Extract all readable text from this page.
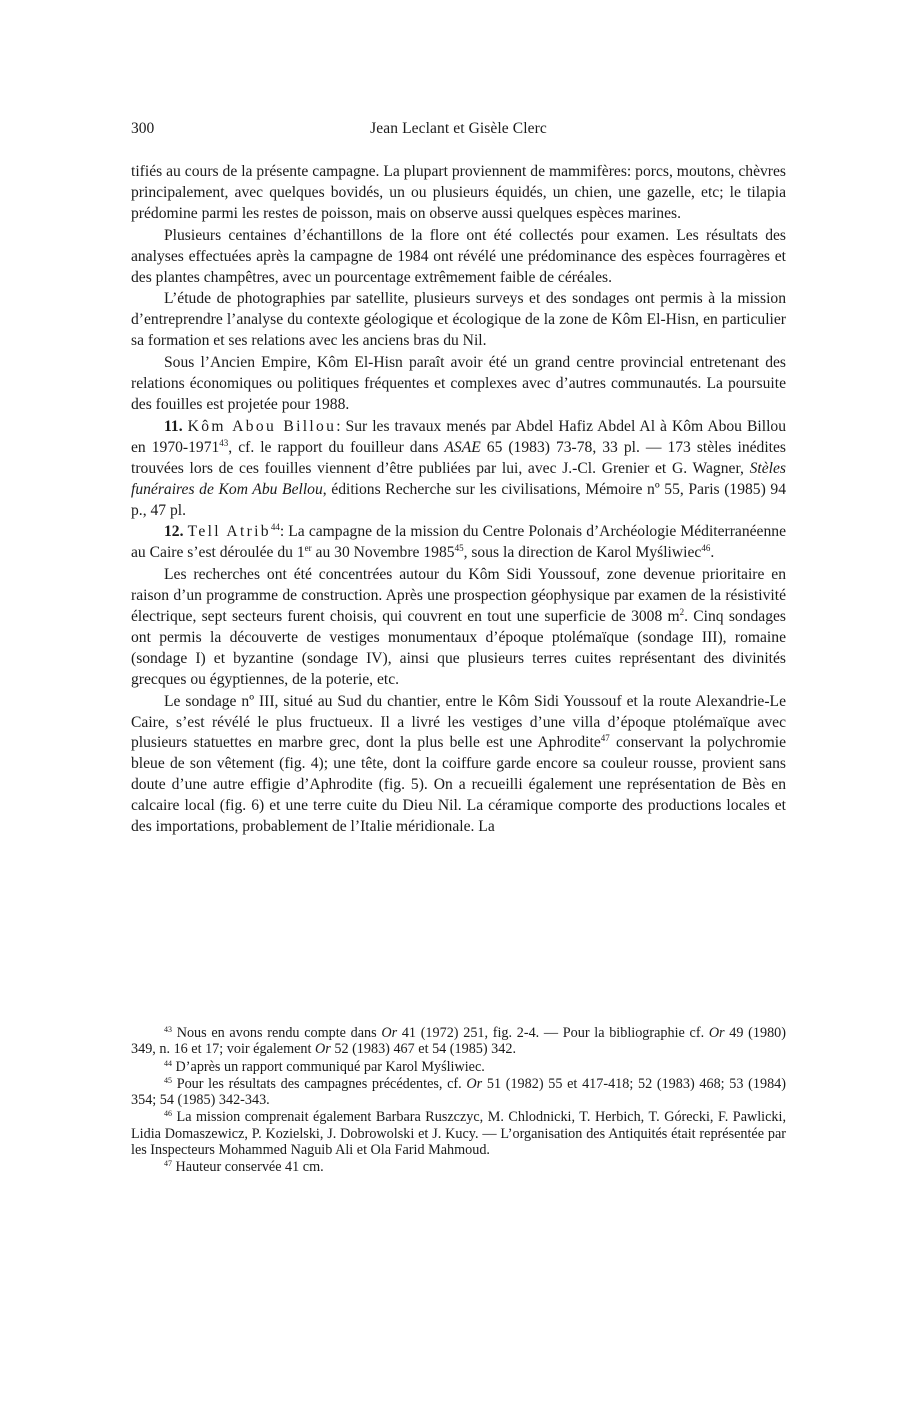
300	Jean Leclant et Gisèle Clerc

tifiés au cours de la présente campagne. La plupart proviennent de mammifères: porcs, moutons, chèvres principalement, avec quelques bovidés, un ou plusieurs équidés, un chien, une gazelle, etc; le tilapia prédomine parmi les restes de poisson, mais on observe aussi quelques espèces marines.

Plusieurs centaines d’échantillons de la flore ont été collectés pour examen. Les résultats des analyses effectuées après la campagne de 1984 ont révélé une prédominance des espèces fourragères et des plantes champêtres, avec un pourcentage extrêmement faible de céréales.

L’étude de photographies par satellite, plusieurs surveys et des sondages ont permis à la mission d’entreprendre l’analyse du contexte géologique et écologique de la zone de Kôm El-Hisn, en particulier sa formation et ses relations avec les anciens bras du Nil.

Sous l’Ancien Empire, Kôm El-Hisn paraît avoir été un grand centre provincial entretenant des relations économiques ou politiques fréquentes et complexes avec d’autres communautés. La poursuite des fouilles est projetée pour 1988.

11. Kôm Abou Billou: Sur les travaux menés par Abdel Hafiz Abdel Al à Kôm Abou Billou en 1970-1971$^{43}$, cf. le rapport du fouilleur dans ASAE 65 (1983) 73-78, 33 pl. — 173 stèles inédites trouvées lors de ces fouilles viennent d’être publiées par lui, avec J.-Cl. Grenier et G. Wagner, Stèles funéraires de Kom Abu Bellou, éditions Recherche sur les civilisations, Mémoire nº 55, Paris (1985) 94 p., 47 pl.

12. Tell Atrib$^{44}$: La campagne de la mission du Centre Polonais d’Archéologie Méditerranéenne au Caire s’est déroulée du 1er au 30 Novembre 1985$^{45}$, sous la direction de Karol Myśliwiec$^{46}$.

Les recherches ont été concentrées autour du Kôm Sidi Youssouf, zone devenue prioritaire en raison d’un programme de construction. Après une prospection géophysique par examen de la résistivité électrique, sept secteurs furent choisis, qui couvrent en tout une superficie de 3008 $m^2$. Cinq sondages ont permis la découverte de vestiges monumentaux d’époque ptolémaïque (sondage III), romaine (sondage I) et byzantine (sondage IV), ainsi que plusieurs terres cuites représentant des divinités grecques ou égyptiennes, de la poterie, etc.

Le sondage nº III, situé au Sud du chantier, entre le Kôm Sidi Youssouf et la route Alexandrie-Le Caire, s’est révélé le plus fructueux. Il a livré les vestiges d’une villa d’époque ptolémaïque avec plusieurs statuettes en marbre grec, dont la plus belle est une Aphrodite$^{47}$ conservant la polychromie bleue de son vêtement (fig. 4); une tête, dont la coiffure garde encore sa couleur rousse, provient sans doute d’une autre effigie d’Aphrodite (fig. 5). On a recueilli également une représentation de Bès en calcaire local (fig. 6) et une terre cuite du Dieu Nil. La céramique comporte des productions locales et des importations, probablement de l’Italie méridionale. La

$^{43}$ Nous en avons rendu compte dans Or 41 (1972) 251, fig. 2-4. — Pour la bibliographie cf. Or 49 (1980) 349, n. 16 et 17; voir également Or 52 (1983) 467 et 54 (1985) 342.

$^{44}$ D’après un rapport communiqué par Karol Myśliwiec.

$^{45}$ Pour les résultats des campagnes précédentes, cf. Or 51 (1982) 55 et 417-418; 52 (1983) 468; 53 (1984) 354; 54 (1985) 342-343.

$^{46}$ La mission comprenait également Barbara Ruszczyc, M. Chlodnicki, T. Herbich, T. Górecki, F. Pawlicki, Lidia Domaszewicz, P. Kozielski, J. Dobrowolski et J. Kucy. — L’organisation des Antiquités était représentée par les Inspecteurs Mohammed Naguib Ali et Ola Farid Mahmoud.

$^{47}$ Hauteur conservée 41 cm.
